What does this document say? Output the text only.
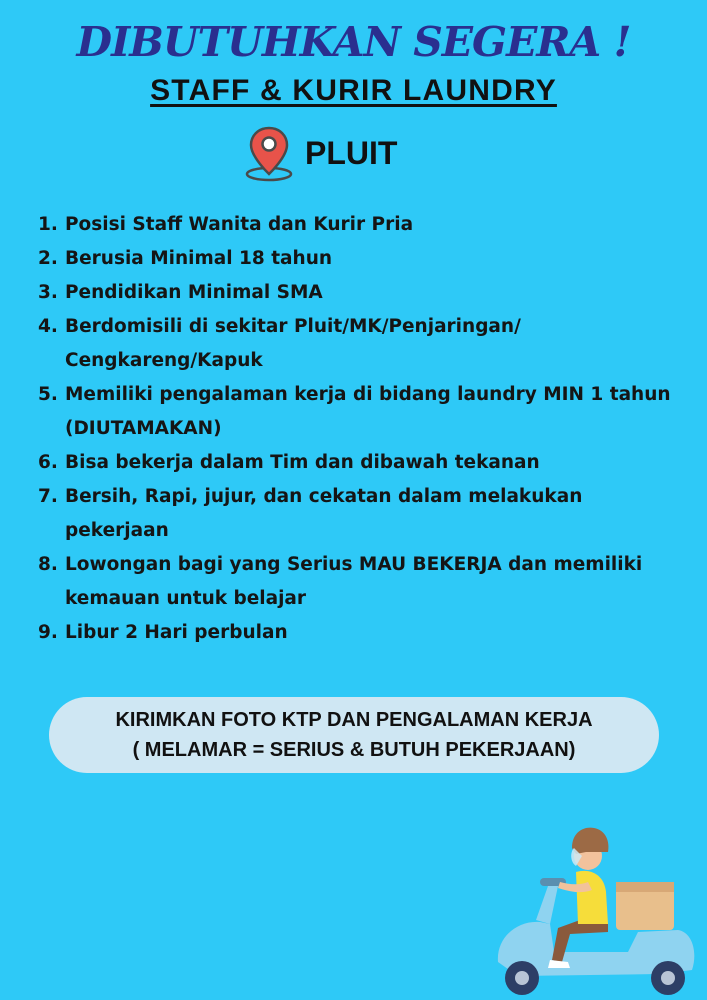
DIBUTUHKAN SEGERA !
STAFF & KURIR LAUNDRY
PLUIT
1. Posisi Staff Wanita dan Kurir Pria
2. Berusia Minimal 18 tahun
3. Pendidikan Minimal SMA
4. Berdomisili di sekitar Pluit/MK/Penjaringan/ Cengkareng/Kapuk
5. Memiliki pengalaman kerja di bidang laundry MIN 1 tahun (DIUTAMAKAN)
6. Bisa bekerja dalam Tim dan dibawah tekanan
7. Bersih, Rapi, jujur, dan cekatan dalam melakukan pekerjaan
8. Lowongan bagi yang Serius MAU BEKERJA dan memiliki kemauan untuk belajar
9. Libur 2 Hari perbulan
KIRIMKAN FOTO KTP DAN PENGALAMAN KERJA
( MELAMAR = SERIUS & BUTUH PEKERJAAN)
